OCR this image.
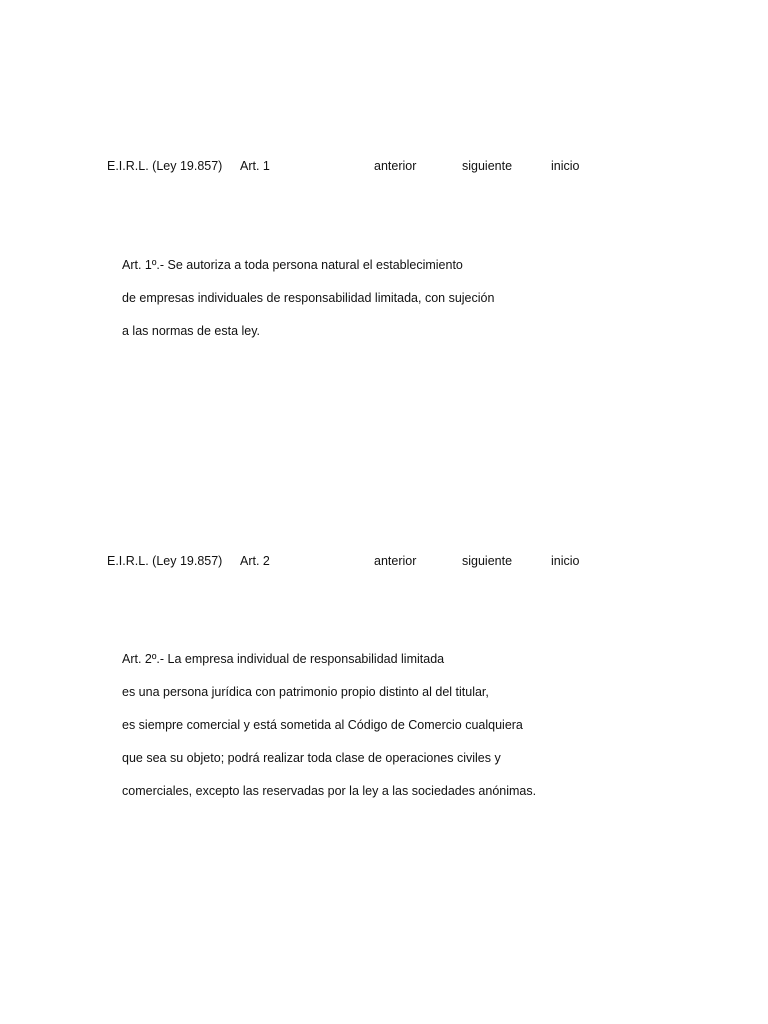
E.I.R.L. (Ley 19.857) Art. 1	anterior	siguiente	inicio
Art. 1º.- Se autoriza a toda persona natural el establecimiento
de empresas individuales de responsabilidad limitada, con sujeción
a las normas de esta ley.
E.I.R.L. (Ley 19.857) Art. 2	anterior	siguiente	inicio
Art. 2º.- La empresa individual de responsabilidad limitada
es una persona jurídica con patrimonio propio distinto al del titular,
es siempre comercial y está sometida al Código de Comercio cualquiera
que sea su objeto; podrá realizar toda clase de operaciones civiles y
comerciales, excepto las reservadas por la ley a las sociedades anónimas.
